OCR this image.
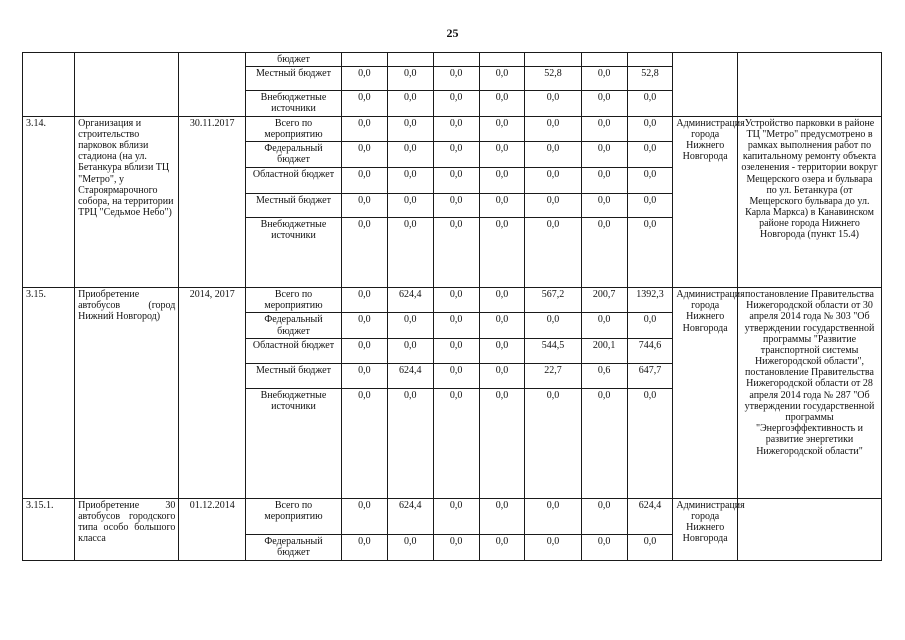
25
			бюджет									
			Местный бюджет	0,0	0,0	0,0	0,0	52,8	0,0	52,8		
			Внебюджетные источники	0,0	0,0	0,0	0,0	0,0	0,0	0,0		
3.14.	Организация и строительство парковок вблизи стадиона (на ул. Бетанкура вблизи ТЦ "Метро", у Староярмарочного собора, на территории ТРЦ "Седьмое Небо")	30.11.2017	Всего по мероприятию	0,0	0,0	0,0	0,0	0,0	0,0	0,0	Администрация города Нижнего Новгорода	Устройство парковки в районе ТЦ "Метро" предусмотрено в рамках выполнения работ по капитальному ремонту объекта озеленения - территории вокруг Мещерского озера и бульвара по ул. Бетанкура (от Мещерского бульвара до ул. Карла Маркса) в Канавинском районе города Нижнего Новгорода (пункт 15.4)
			Федеральный бюджет	0,0	0,0	0,0	0,0	0,0	0,0	0,0		
			Областной бюджет	0,0	0,0	0,0	0,0	0,0	0,0	0,0		
			Местный бюджет	0,0	0,0	0,0	0,0	0,0	0,0	0,0		
			Внебюджетные источники	0,0	0,0	0,0	0,0	0,0	0,0	0,0		
3.15.	Приобретение автобусов (город Нижний Новгород)	2014, 2017	Всего по мероприятию	0,0	624,4	0,0	0,0	567,2	200,7	1392,3	Администрация города Нижнего Новгорода	постановление Правительства Нижегородской области от 30 апреля 2014 года № 303 "Об утверждении государственной программы "Развитие транспортной системы Нижегородской области", постановление Правительства Нижегородской области от 28 апреля 2014 года № 287 "Об утверждении государственной программы "Энергоэффективность и развитие энергетики Нижегородской области"
			Федеральный бюджет	0,0	0,0	0,0	0,0	0,0	0,0	0,0		
			Областной бюджет	0,0	0,0	0,0	0,0	544,5	200,1	744,6		
			Местный бюджет	0,0	624,4	0,0	0,0	22,7	0,6	647,7		
			Внебюджетные источники	0,0	0,0	0,0	0,0	0,0	0,0	0,0		
3.15.1.	Приобретение 30 автобусов городского типа особо большого класса	01.12.2014	Всего по мероприятию	0,0	624,4	0,0	0,0	0,0	0,0	624,4	Администрация города Нижнего Новгорода	
			Федеральный бюджет	0,0	0,0	0,0	0,0	0,0	0,0	0,0		
